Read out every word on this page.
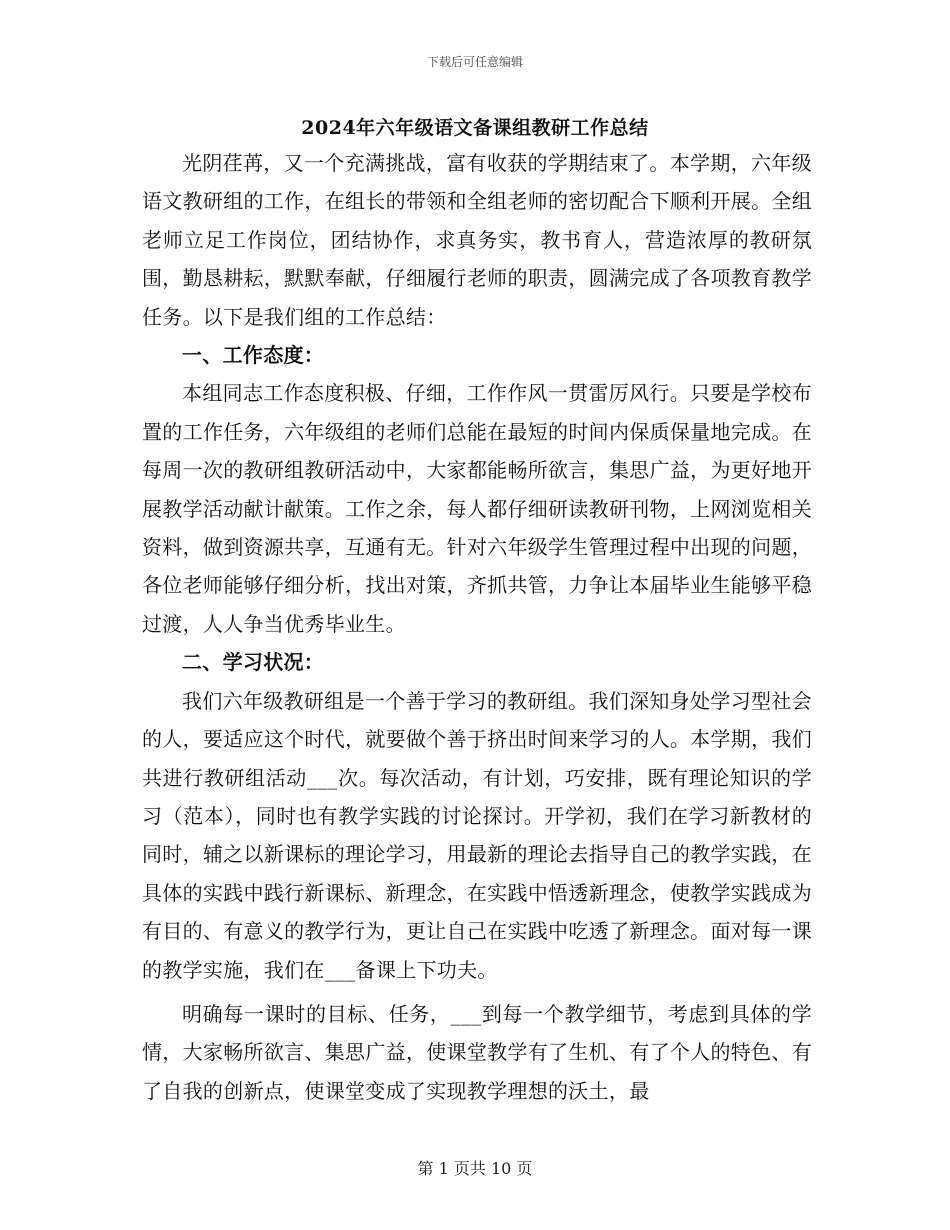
下载后可任意编辑
2024年六年级语文备课组教研工作总结

光阴荏苒，又一个充满挑战，富有收获的学期结束了。本学期，六年级语文教研组的工作，在组长的带领和全组老师的密切配合下顺利开展。全组老师立足工作岗位，团结协作，求真务实，教书育人，营造浓厚的教研氛围，勤恳耕耘，默默奉献，仔细履行老师的职责，圆满完成了各项教育教学任务。以下是我们组的工作总结：

一、工作态度：

本组同志工作态度积极、仔细，工作作风一贯雷厉风行。只要是学校布置的工作任务，六年级组的老师们总能在最短的时间内保质保量地完成。在每周一次的教研组教研活动中，大家都能畅所欲言，集思广益，为更好地开展教学活动献计献策。工作之余，每人都仔细研读教研刊物，上网浏览相关资料，做到资源共享，互通有无。针对六年级学生管理过程中出现的问题，各位老师能够仔细分析，找出对策，齐抓共管，力争让本届毕业生能够平稳过渡，人人争当优秀毕业生。

二、学习状况：

我们六年级教研组是一个善于学习的教研组。我们深知身处学习型社会的人，要适应这个时代，就要做个善于挤出时间来学习的人。本学期，我们共进行教研组活动___次。每次活动，有计划，巧安排，既有理论知识的学习（范本），同时也有教学实践的讨论探讨。开学初，我们在学习新教材的同时，辅之以新课标的理论学习，用最新的理论去指导自己的教学实践，在具体的实践中践行新课标、新理念，在实践中悟透新理念，使教学实践成为有目的、有意义的教学行为，更让自己在实践中吃透了新理念。面对每一课的教学实施，我们在___备课上下功夫。

明确每一课时的目标、任务，___到每一个教学细节，考虑到具体的学情，大家畅所欲言、集思广益，使课堂教学有了生机、有了个人的特色、有了自我的创新点，使课堂变成了实现教学理想的沃土，最

第 1 页共 10 页
